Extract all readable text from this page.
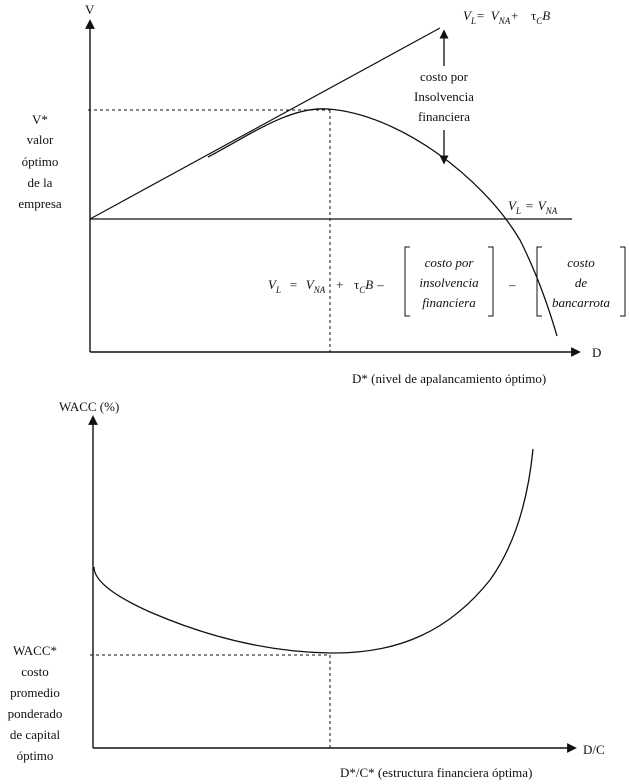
V
D
V*
valor
óptimo
de la
empresa
$V_L= V_{NA}+ \tau_CB$
costo por
Insolvencia
financiera
$V_L = V_{NA}$
$V_L = V_{NA} + \tau_CB$ –
costo por
insolvencia
financiera
–
costo
de
bancarrota
D* (nivel de apalancamiento óptimo)
WACC (%)
D/C
WACC*
costo
promedio
ponderado
de capital
óptimo
D*/C* (estructura financiera óptima)
